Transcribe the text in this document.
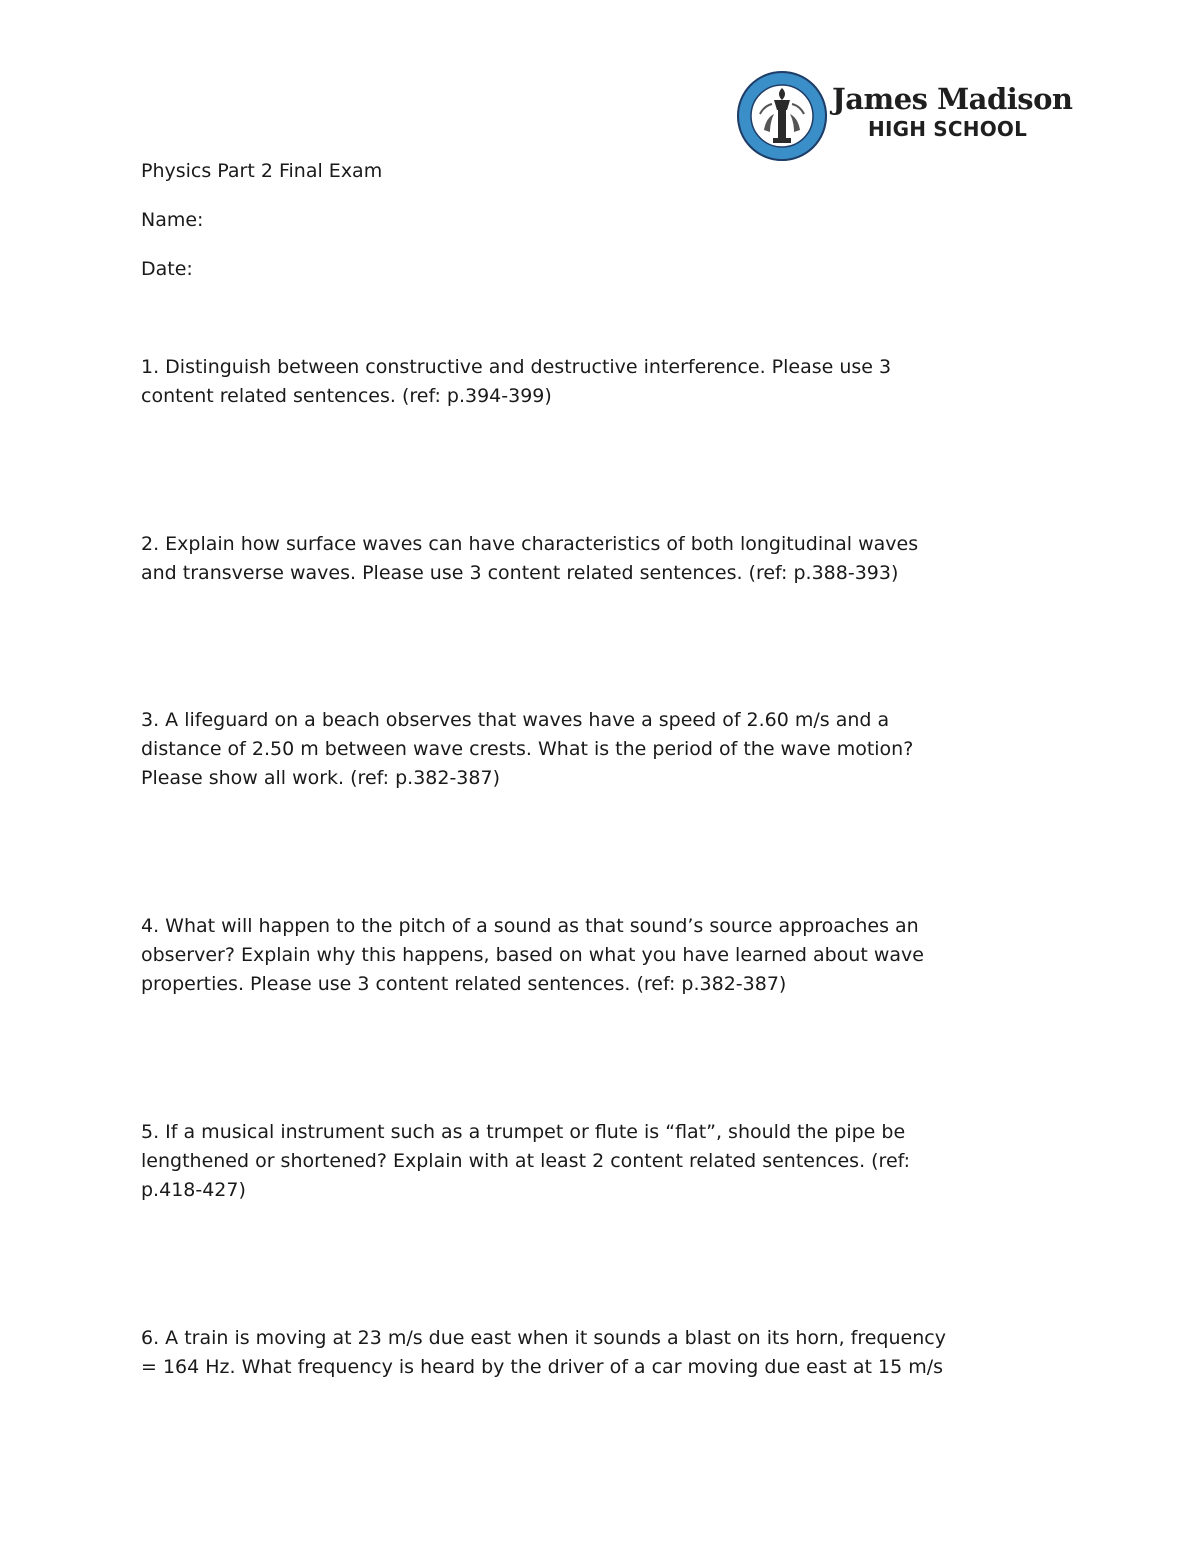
James Madison
HIGH SCHOOL
Physics Part 2 Final Exam
Name:
Date:
1. Distinguish between constructive and destructive interference. Please use 3
content related sentences. (ref: p.394-399)
2. Explain how surface waves can have characteristics of both longitudinal waves
and transverse waves. Please use 3 content related sentences. (ref: p.388-393)
3. A lifeguard on a beach observes that waves have a speed of 2.60 m/s and a
distance of 2.50 m between wave crests. What is the period of the wave motion?
Please show all work. (ref: p.382-387)
4. What will happen to the pitch of a sound as that sound’s source approaches an
observer? Explain why this happens, based on what you have learned about wave
properties. Please use 3 content related sentences. (ref: p.382-387)
5. If a musical instrument such as a trumpet or flute is “flat”, should the pipe be
lengthened or shortened? Explain with at least 2 content related sentences. (ref:
p.418-427)
6. A train is moving at 23 m/s due east when it sounds a blast on its horn, frequency
= 164 Hz. What frequency is heard by the driver of a car moving due east at 15 m/s
